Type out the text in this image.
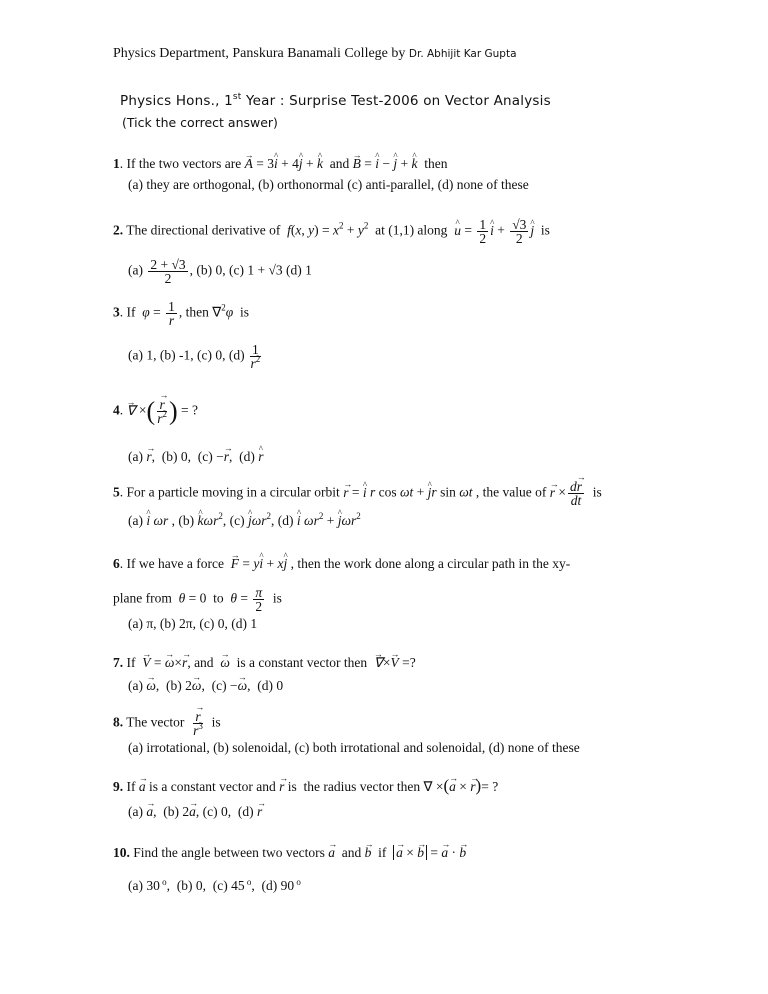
Physics Department, Panskura Banamali College by Dr. Abhijit Kar Gupta
Physics Hons., 1st Year : Surprise Test-2006 on Vector Analysis
(Tick the correct answer)
1. If the two vectors are → A = 3^ i + 4^ j + ^ k  and → B = ^ i − ^ j + ^ k  then
(a) they are orthogonal, (b) orthonormal (c) anti-parallel, (d) none of these
2. The directional derivative of  f(x, $y) = x^2 + y^2$  at (1,1) along  ^ $u = \frac{1}{2}$ ^ $i + \frac{√3}{2}$ ^ j  is
$(a) \frac{2 + √3}{2}$ , (b) 0, (c) 1 + √3 (d) 1
3. If  $\varphi = \frac{1}{r}$ , then ∇$^2$φ  is
(a) 1, (b) -1, (c) 0, $(d) \frac{1}{r^2}$
4. → ∇ ×( → $\frac{r}{r^2}$ ) = ?
(a) → r,  (b) 0,  (c) −→ r,  (d) ^ r
5. For a particle moving in a circular orbit → r = ^ i r cos ωt + ^ jr sin ωt , the value of → $r \times \frac{d\to r}{dt}$ is
(a) ^ i ωr , (b) ^ kωr$^2$, (c) ^ jωr$^2$, (d) ^ i $\omega r^2$ + ^ jωr$^2$
6. If we have a force  → F = y^ i + x^ j , then the work done along a circular path in the xy-
plane from  θ = 0  to  $\theta = \frac{\pi}{2}$ is
(a) π, (b) 2π, (c) 0, (d) 1
7. If  → V = → ω×→ r, and  → ω  is a constant vector then  → ∇×→ V =?
(a) → ω,  (b) 2→ ω,  (c) −→ ω,  (d) 0
8. The vector → $\frac{r}{r^3}$ is
(a) irrotational, (b) solenoidal, (c) both irrotational and solenoidal, (d) none of these
9. If → a is a constant vector and → r is  the radius vector then ∇ ×(→ a × → r)= ?
(a) → a,  (b) 2→ a, (c) 0,  (d) → r
10. Find the angle between two vectors → a  and → b  if  → a × → b = → a · → b
(a) 30 $^o$,  (b) 0,  (c) 45 $^o$,  (d) 90 $^o$
